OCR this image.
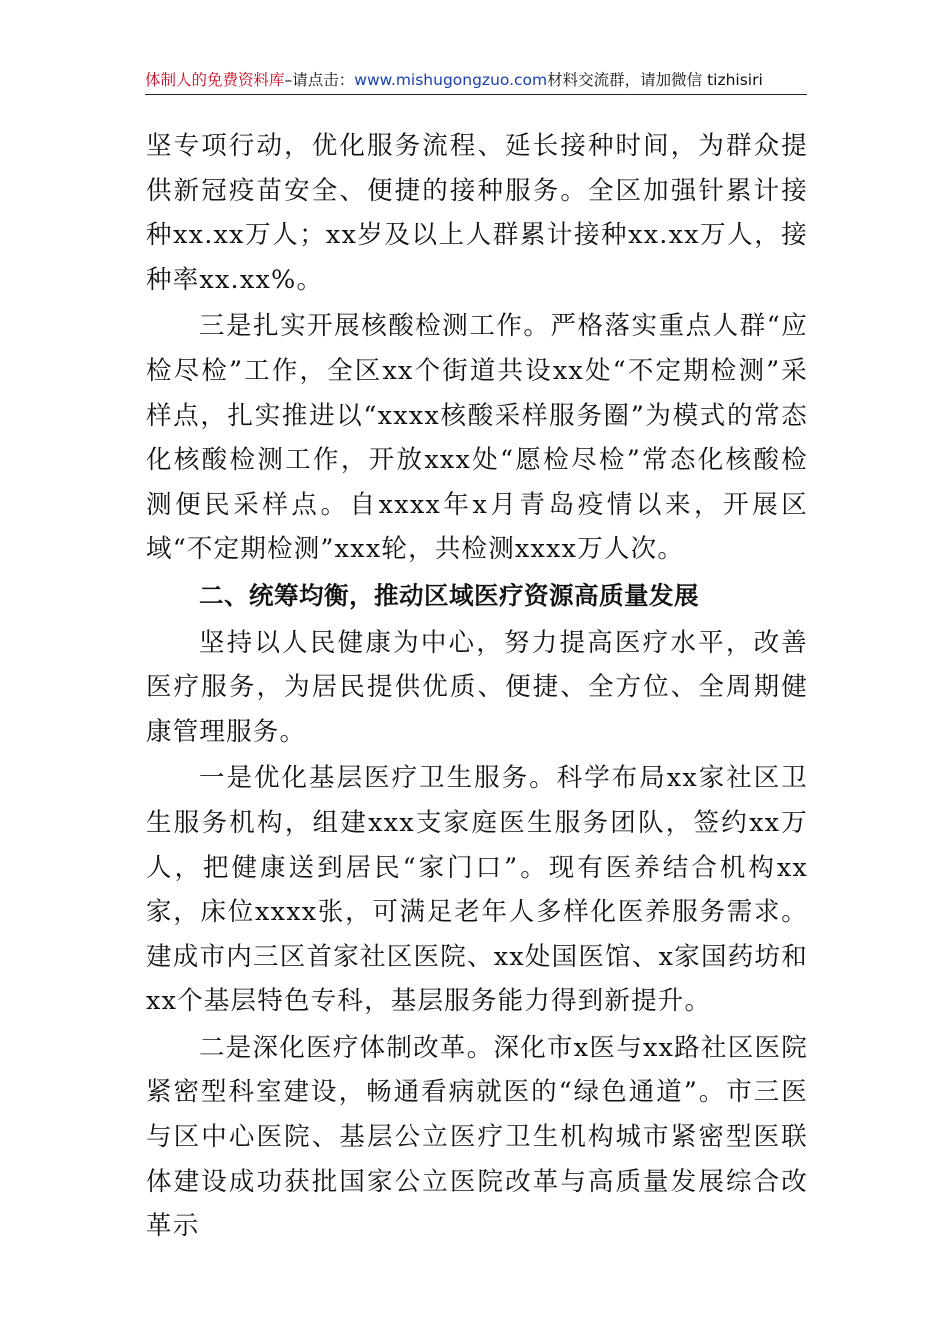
体制人的免费资料库–请点击：www.mishugongzuo.com材料交流群，请加微信 tizhisiri

坚专项行动，优化服务流程、延长接种时间，为群众提供新冠疫苗安全、便捷的接种服务。全区加强针累计接种xx.xx万人；xx岁及以上人群累计接种xx.xx万人，接种率xx.xx%。

三是扎实开展核酸检测工作。严格落实重点人群“应检尽检”工作，全区xx个街道共设xx处“不定期检测”采样点，扎实推进以“xxxx核酸采样服务圈”为模式的常态化核酸检测工作，开放xxx处“愿检尽检”常态化核酸检测便民采样点。自xxxx年x月青岛疫情以来，开展区域“不定期检测”xxx轮，共检测xxxx万人次。

二、统筹均衡，推动区域医疗资源高质量发展

坚持以人民健康为中心，努力提高医疗水平，改善医疗服务，为居民提供优质、便捷、全方位、全周期健康管理服务。

一是优化基层医疗卫生服务。科学布局xx家社区卫生服务机构，组建xxx支家庭医生服务团队，签约xx万人，把健康送到居民“家门口”。现有医养结合机构xx家，床位xxxx张，可满足老年人多样化医养服务需求。建成市内三区首家社区医院、xx处国医馆、x家国药坊和xx个基层特色专科，基层服务能力得到新提升。

二是深化医疗体制改革。深化市x医与xx路社区医院紧密型科室建设，畅通看病就医的“绿色通道”。市三医与区中心医院、基层公立医疗卫生机构城市紧密型医联体建设成功获批国家公立医院改革与高质量发展综合改革示
